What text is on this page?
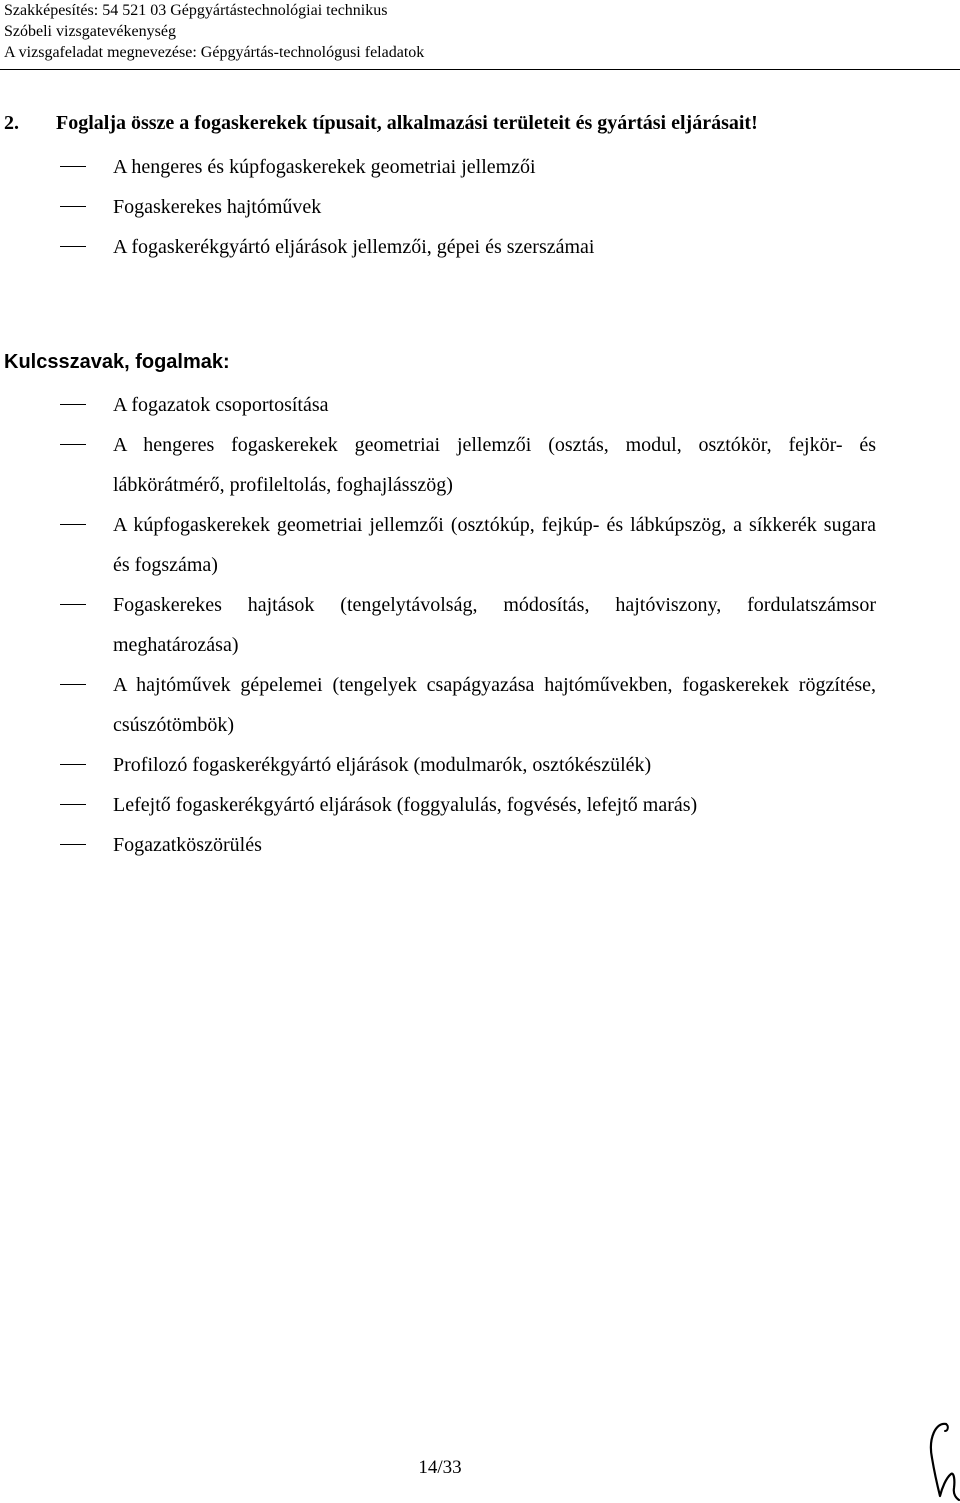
Szakképesítés: 54 521 03 Gépgyártástechnológiai technikus
Szóbeli vizsgatevékenység
A vizsgafeladat megnevezése: Gépgyártás-technológusi feladatok
2. Foglalja össze a fogaskerekek típusait, alkalmazási területeit és gyártási eljárásait!
A hengeres és kúpfogaskerekek geometriai jellemzői
Fogaskerekes hajtóművek
A fogaskerékgyártó eljárások jellemzői, gépei és szerszámai
Kulcsszavak, fogalmak:
A fogazatok csoportosítása
A hengeres fogaskerekek geometriai jellemzői (osztás, modul, osztókör, fejkör- és lábkörátmérő, profileltolás, foghajlásszög)
A kúpfogaskerekek geometriai jellemzői (osztókúp, fejkúp- és lábkúpszög, a síkkerék sugara és fogszáma)
Fogaskerekes hajtások (tengelytávolság, módosítás, hajtóviszony, fordulatszámsor meghatározása)
A hajtóművek gépelemei (tengelyek csapágyazása hajtóművekben, fogaskerekek rögzítése, csúszótömbök)
Profilozó fogaskerékgyártó eljárások (modulmarók, osztókészülék)
Lefejtő fogaskerékgyártó eljárások (foggyalulás, fogvésés, lefejtő marás)
Fogazatköszörülés
14/33
